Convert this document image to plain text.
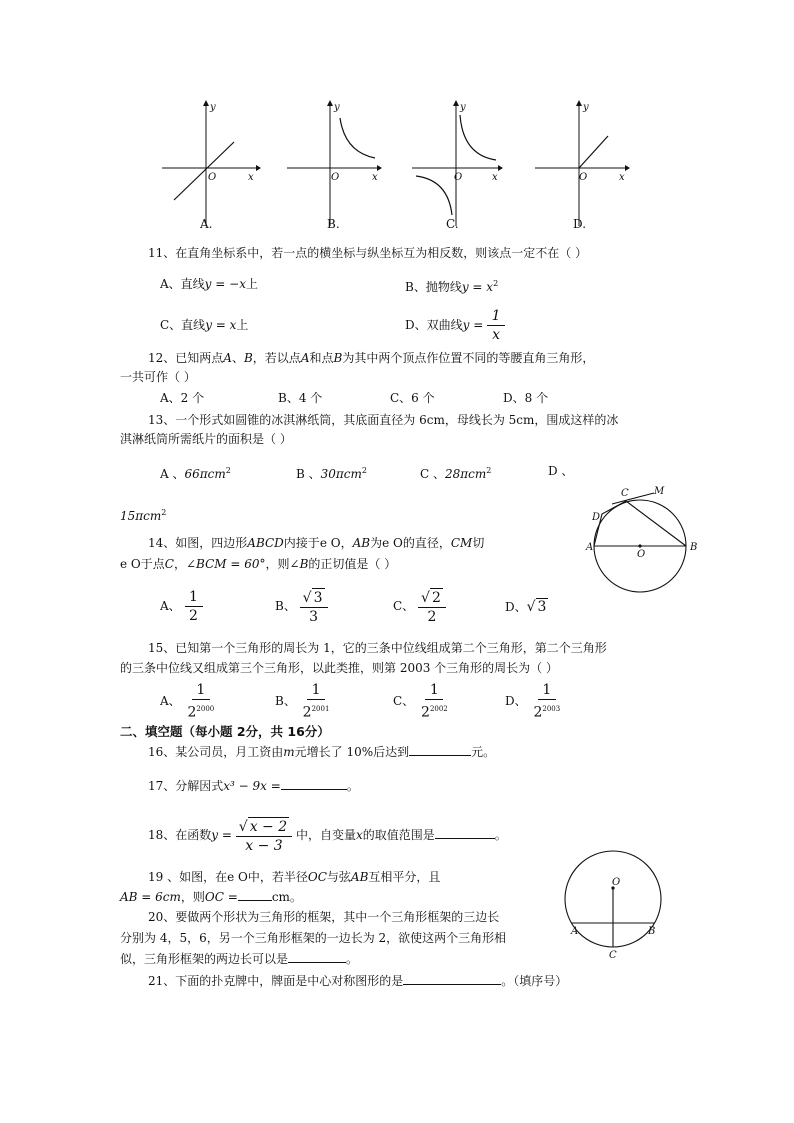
y
O	x
A.
y
O	x
B.
y
O	x
C.
y
O	x
D.
11、在直角坐标系中，若一点的横坐标与纵坐标互为相反数，则该点一定不在（ ）
A、直线y = −x上	B、抛物线$y = x^2$
C、直线y = x上	D、双曲线$y = \frac{1}{x}$
12、已知两点A、B，若以点A和点B为其中两个顶点作位置不同的等腰直角三角形，
一共可作（ ）
A、2 个	B、4 个	C、6 个	D、8 个
13、一个形式如圆锥的冰淇淋纸筒，其底面直径为 6cm，母线长为 5cm，围成这样的冰
淇淋纸筒所需纸片的面积是（ ）
A 、66πcm$^2$	B 、30πcm$^2$	C 、28πcm$^2$	D 、
15πcm$^2$
A	B
C
D
M
O
14、如图，四边形ABCD内接于e O，AB为e O的直径，CM切
e O于点C，∠BCM = 60°，则∠B的正切值是（ ）
A、 $\frac{1}{2}$	B、 $\frac{√ 3}{3}$	C、 $\frac{√ 2}{2}$	D、√ 3
15、已知第一个三角形的周长为 1，它的三条中位线组成第二个三角形，第二个三角形
的三条中位线又组成第三个三角形，以此类推，则第 2003 个三角形的周长为（ ）
A、 $\frac{1}{2^{2000}}$	B、 $\frac{1}{2^{2001}}$	C、 $\frac{1}{2^{2002}}$	D、 $\frac{1}{2^{2003}}$
二、填空题（每小题 2分，共 16分）
16、某公司员，月工资由m元增长了 10%后达到	元。
17、分解因式x³ − 9x =	。
18、在函数$y = \frac{√ x - 2}{x - 3}$ 中，自变量x的取值范围是	。
O
A	B
C
19 、如图，在e O中，若半径OC与弦AB互相平分，且
AB = 6cm，则OC =	cm。
20、要做两个形状为三角形的框架，其中一个三角形框架的三边长
分别为 4，5，6，另一个三角形框架的一边长为 2，欲使这两个三角形相
似，三角形框架的两边长可以是	。
21、下面的扑克牌中，牌面是中心对称图形的是	。（填序号）
